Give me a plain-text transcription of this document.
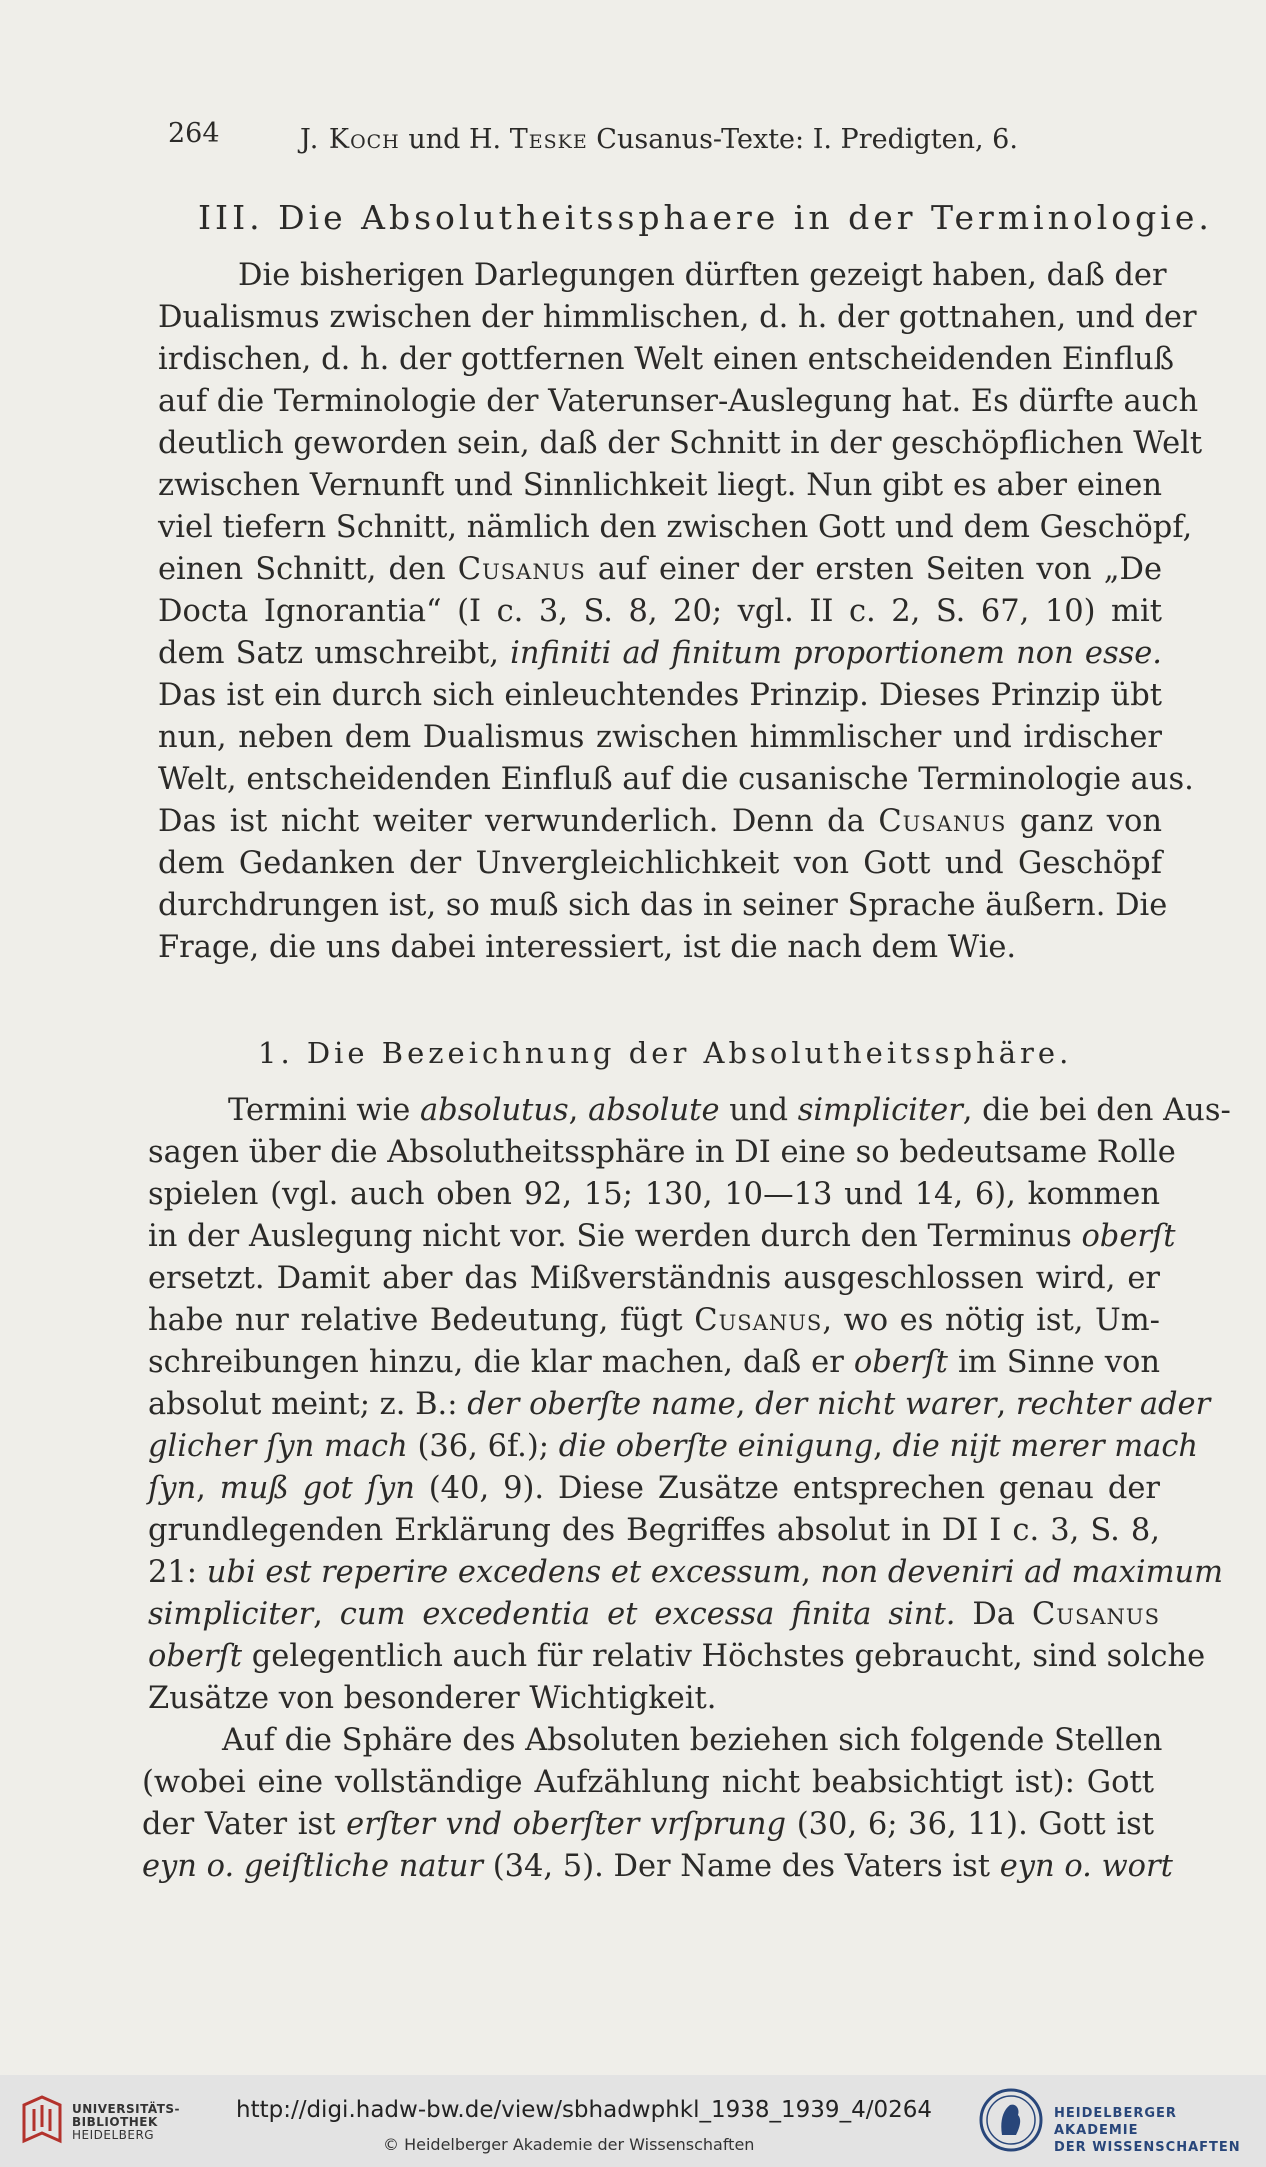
264	J. Koch und H. Teske Cusanus-Texte: I. Predigten, 6.
III. Die Absolutheitssphaere in der Terminologie.
Die bisherigen Darlegungen dürften gezeigt haben, daß der
Dualismus zwischen der himmlischen, d. h. der gottnahen, und der
irdischen, d. h. der gottfernen Welt einen entscheidenden Einfluß
auf die Terminologie der Vaterunser-Auslegung hat. Es dürfte auch
deutlich geworden sein, daß der Schnitt in der geschöpflichen Welt
zwischen Vernunft und Sinnlichkeit liegt. Nun gibt es aber einen
viel tiefern Schnitt, nämlich den zwischen Gott und dem Geschöpf,
einen Schnitt, den Cusanus auf einer der ersten Seiten von „De
Docta Ignorantia“ (I c. 3, S. 8, 20; vgl. II c. 2, S. 67, 10) mit
dem Satz umschreibt, infiniti ad finitum proportionem non esse.
Das ist ein durch sich einleuchtendes Prinzip. Dieses Prinzip übt
nun, neben dem Dualismus zwischen himmlischer und irdischer
Welt, entscheidenden Einfluß auf die cusanische Terminologie aus.
Das ist nicht weiter verwunderlich. Denn da Cusanus ganz von
dem Gedanken der Unvergleichlichkeit von Gott und Geschöpf
durchdrungen ist, so muß sich das in seiner Sprache äußern. Die
Frage, die uns dabei interessiert, ist die nach dem Wie.
1. Die Bezeichnung der Absolutheitssphäre.
Termini wie absolutus, absolute und simpliciter, die bei den Aus-
sagen über die Absolutheitssphäre in DI eine so bedeutsame Rolle
spielen (vgl. auch oben 92, 15; 130, 10—13 und 14, 6), kommen
in der Auslegung nicht vor. Sie werden durch den Terminus oberſt
ersetzt. Damit aber das Mißverständnis ausgeschlossen wird, er
habe nur relative Bedeutung, fügt Cusanus, wo es nötig ist, Um-
schreibungen hinzu, die klar machen, daß er oberſt im Sinne von
absolut meint; z. B.: der oberſte name, der nicht warer, rechter ader
glicher ſyn mach (36, 6f.); die oberſte einigung, die nijt merer mach
ſyn, muß got ſyn (40, 9). Diese Zusätze entsprechen genau der
grundlegenden Erklärung des Begriffes absolut in DI I c. 3, S. 8,
21: ubi est reperire excedens et excessum, non deveniri ad maximum
simpliciter, cum excedentia et excessa finita sint. Da Cusanus
oberſt gelegentlich auch für relativ Höchstes gebraucht, sind solche
Zusätze von besonderer Wichtigkeit.
Auf die Sphäre des Absoluten beziehen sich folgende Stellen
(wobei eine vollständige Aufzählung nicht beabsichtigt ist): Gott
der Vater ist erſter vnd oberſter vrſprung (30, 6; 36, 11). Gott ist
eyn o. geiſtliche natur (34, 5). Der Name des Vaters ist eyn o. wort
UNIVERSITÄTS-
BIBLIOTHEK
HEIDELBERG
http://digi.hadw-bw.de/view/sbhadwphkl_1938_1939_4/0264
© Heidelberger Akademie der Wissenschaften
HEIDELBERGER AKADEMIE
DER WISSENSCHAFTEN
